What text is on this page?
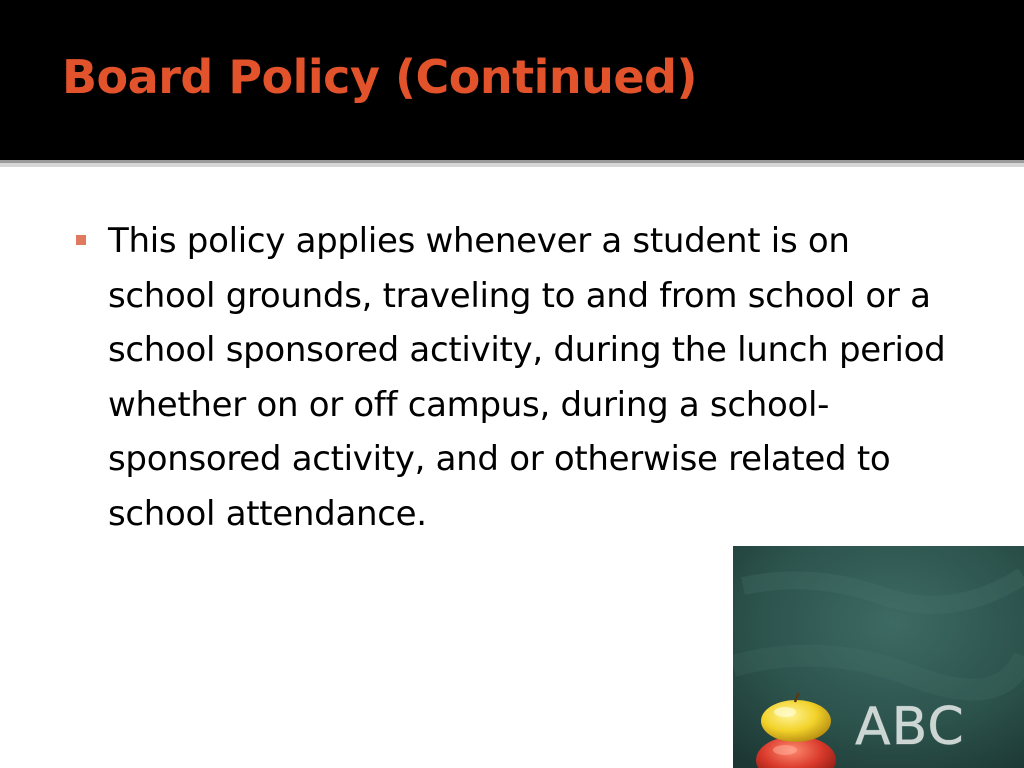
Board Policy (Continued)
This policy applies whenever a student is on school grounds, traveling to and from school or a school sponsored activity, during the lunch period whether on or off campus, during a school-sponsored activity, and or otherwise related to school attendance.
ABC
